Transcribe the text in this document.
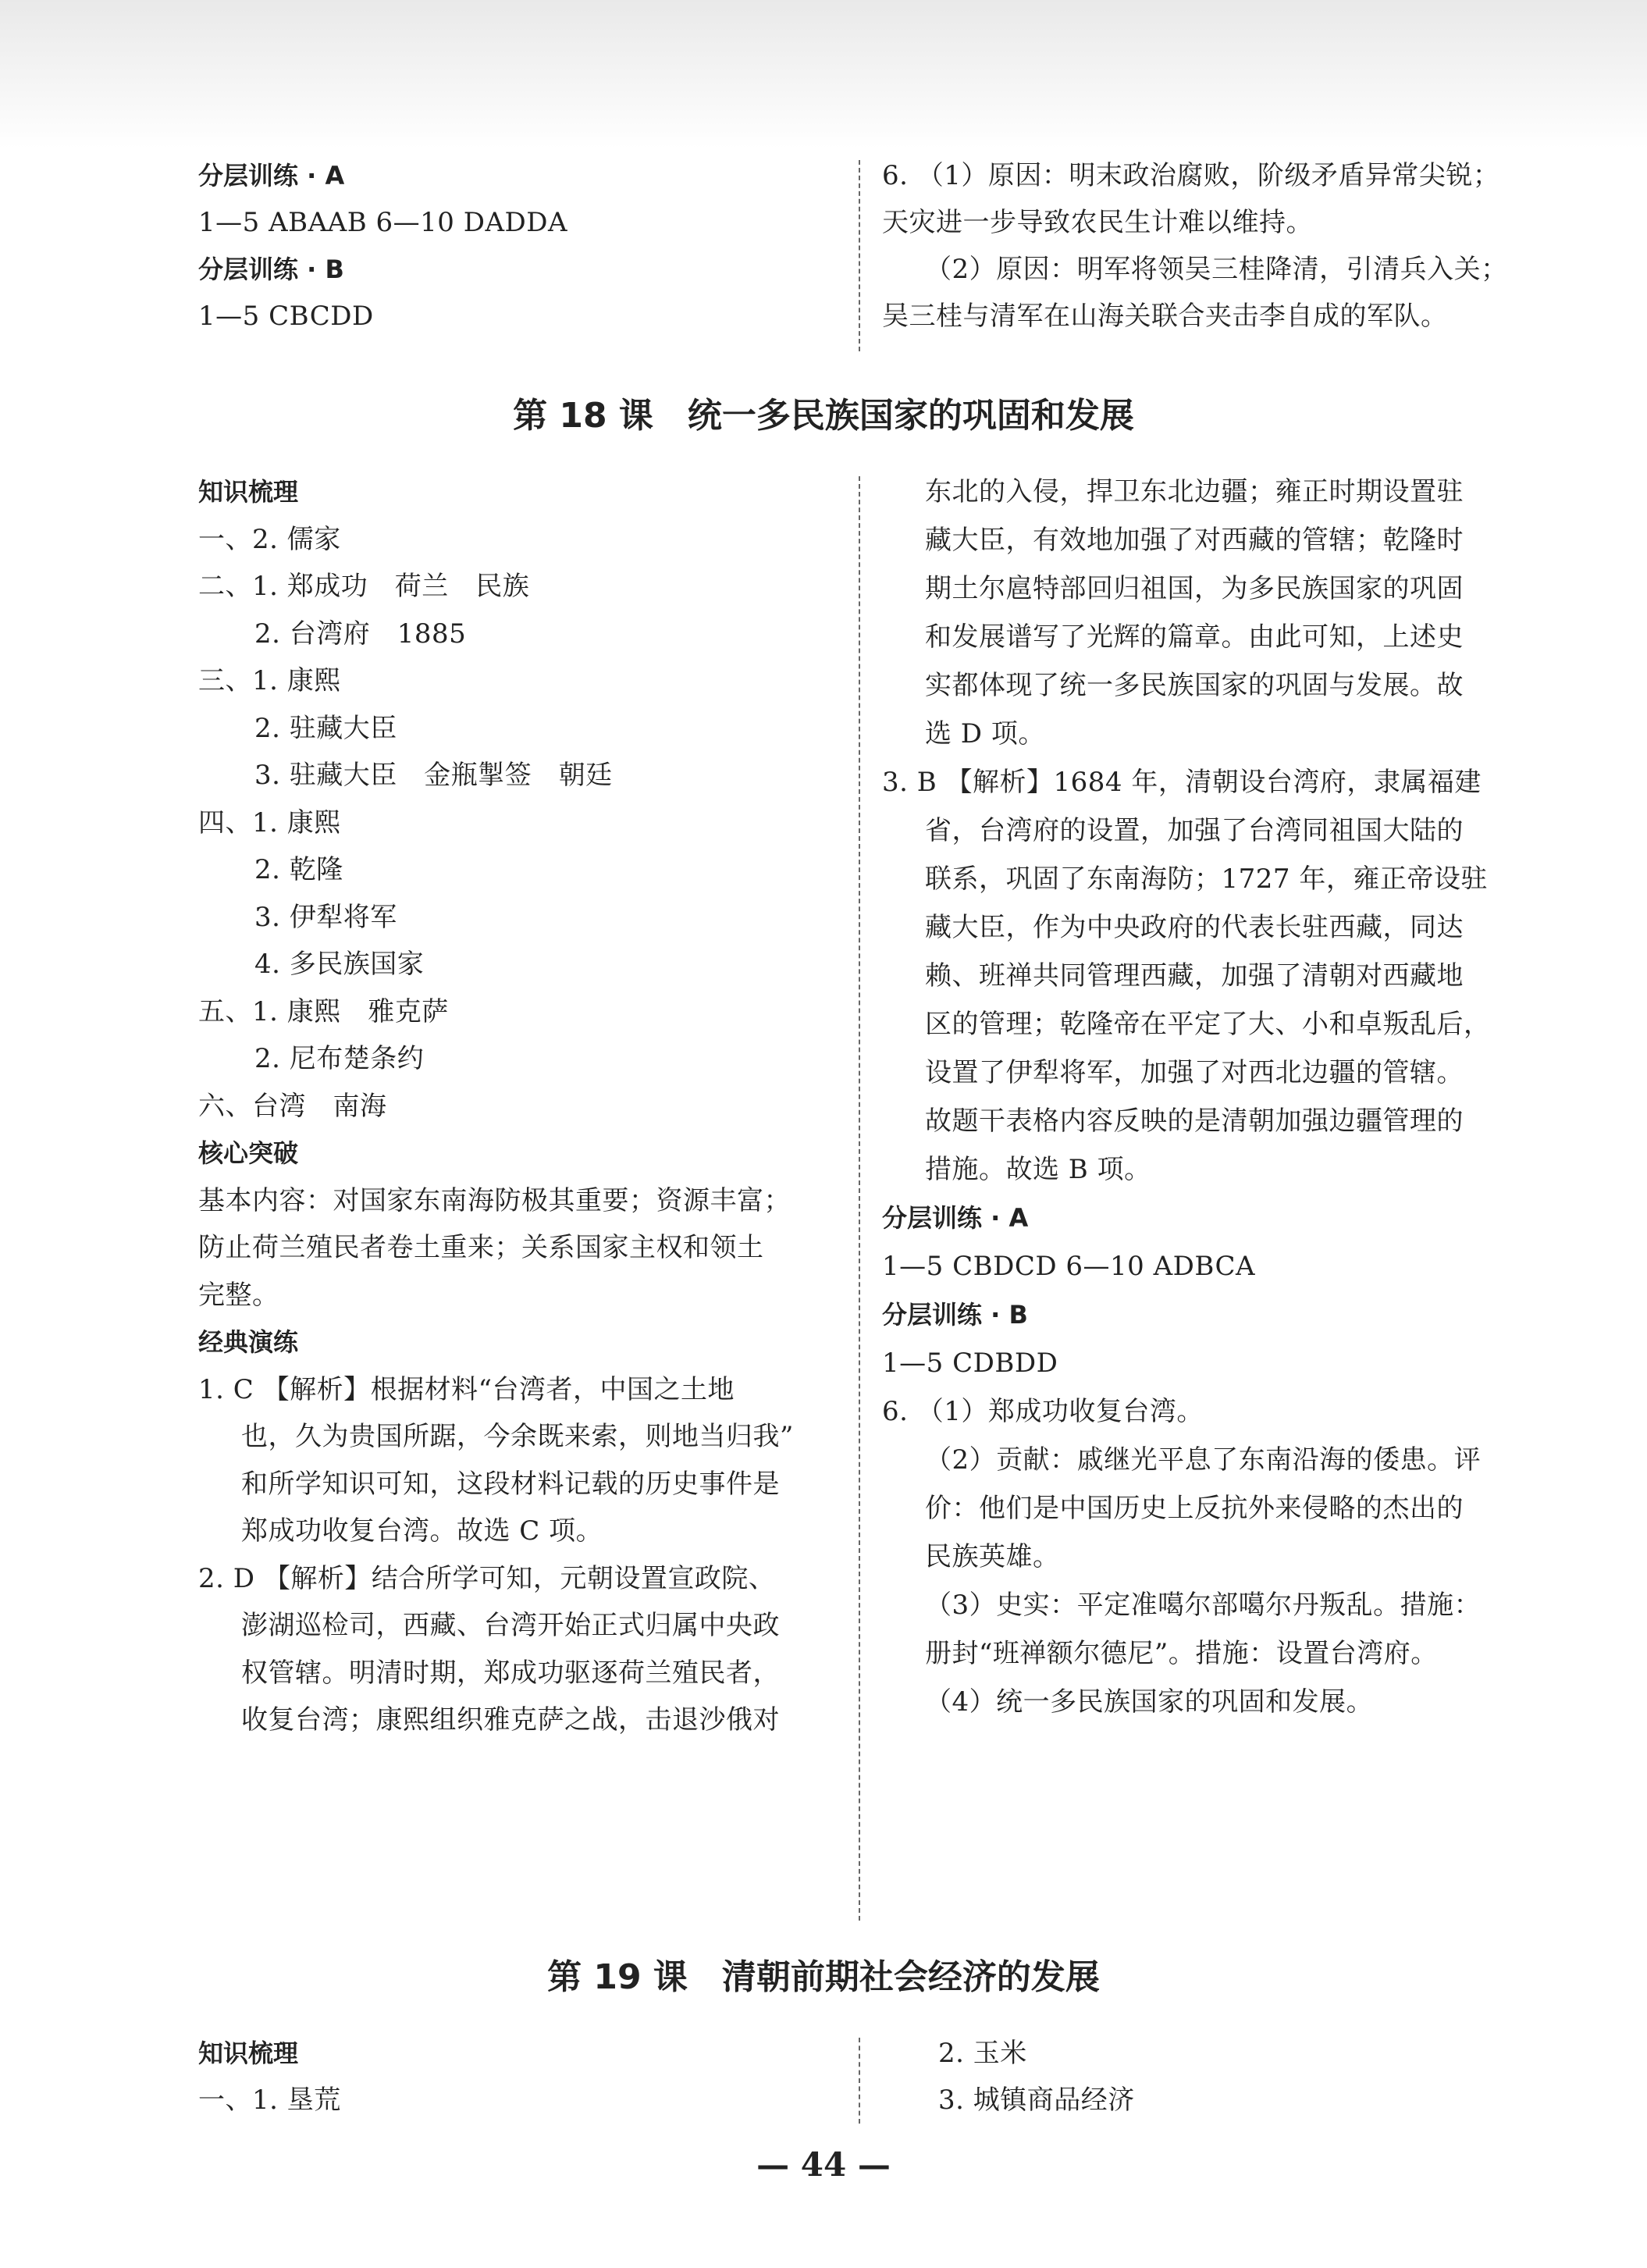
分层训练 · A
1—5 ABAAB 6—10 DADDA
分层训练 · B
1—5 CBCDD
6. （1）原因：明末政治腐败，阶级矛盾异常尖锐；
天灾进一步导致农民生计难以维持。
（2）原因：明军将领吴三桂降清，引清兵入关；
吴三桂与清军在山海关联合夹击李自成的军队。
第 18 课　统一多民族国家的巩固和发展
知识梳理
一、2. 儒家
二、1. 郑成功　荷兰　民族
2. 台湾府　1885
三、1. 康熙
2. 驻藏大臣
3. 驻藏大臣　金瓶掣签　朝廷
四、1. 康熙
2. 乾隆
3. 伊犁将军
4. 多民族国家
五、1. 康熙　雅克萨
2. 尼布楚条约
六、台湾　南海
核心突破
基本内容：对国家东南海防极其重要；资源丰富；
防止荷兰殖民者卷土重来；关系国家主权和领土
完整。
经典演练
1. C 【解析】根据材料“台湾者，中国之土地
也，久为贵国所踞，今余既来索，则地当归我”
和所学知识可知，这段材料记载的历史事件是
郑成功收复台湾。故选 C 项。
2. D 【解析】结合所学可知，元朝设置宣政院、
澎湖巡检司，西藏、台湾开始正式归属中央政
权管辖。明清时期，郑成功驱逐荷兰殖民者，
收复台湾；康熙组织雅克萨之战，击退沙俄对
东北的入侵，捍卫东北边疆；雍正时期设置驻
藏大臣，有效地加强了对西藏的管辖；乾隆时
期土尔扈特部回归祖国，为多民族国家的巩固
和发展谱写了光辉的篇章。由此可知，上述史
实都体现了统一多民族国家的巩固与发展。故
选 D 项。
3. B 【解析】1684 年，清朝设台湾府，隶属福建
省，台湾府的设置，加强了台湾同祖国大陆的
联系，巩固了东南海防；1727 年，雍正帝设驻
藏大臣，作为中央政府的代表长驻西藏，同达
赖、班禅共同管理西藏，加强了清朝对西藏地
区的管理；乾隆帝在平定了大、小和卓叛乱后，
设置了伊犁将军，加强了对西北边疆的管辖。
故题干表格内容反映的是清朝加强边疆管理的
措施。故选 B 项。
分层训练 · A
1—5 CBDCD 6—10 ADBCA
分层训练 · B
1—5 CDBDD
6. （1）郑成功收复台湾。
（2）贡献：戚继光平息了东南沿海的倭患。评
价：他们是中国历史上反抗外来侵略的杰出的
民族英雄。
（3）史实：平定准噶尔部噶尔丹叛乱。措施：
册封“班禅额尔德尼”。措施：设置台湾府。
（4）统一多民族国家的巩固和发展。
第 19 课　清朝前期社会经济的发展
知识梳理
一、1. 垦荒
2. 玉米
3. 城镇商品经济
— 44 —
